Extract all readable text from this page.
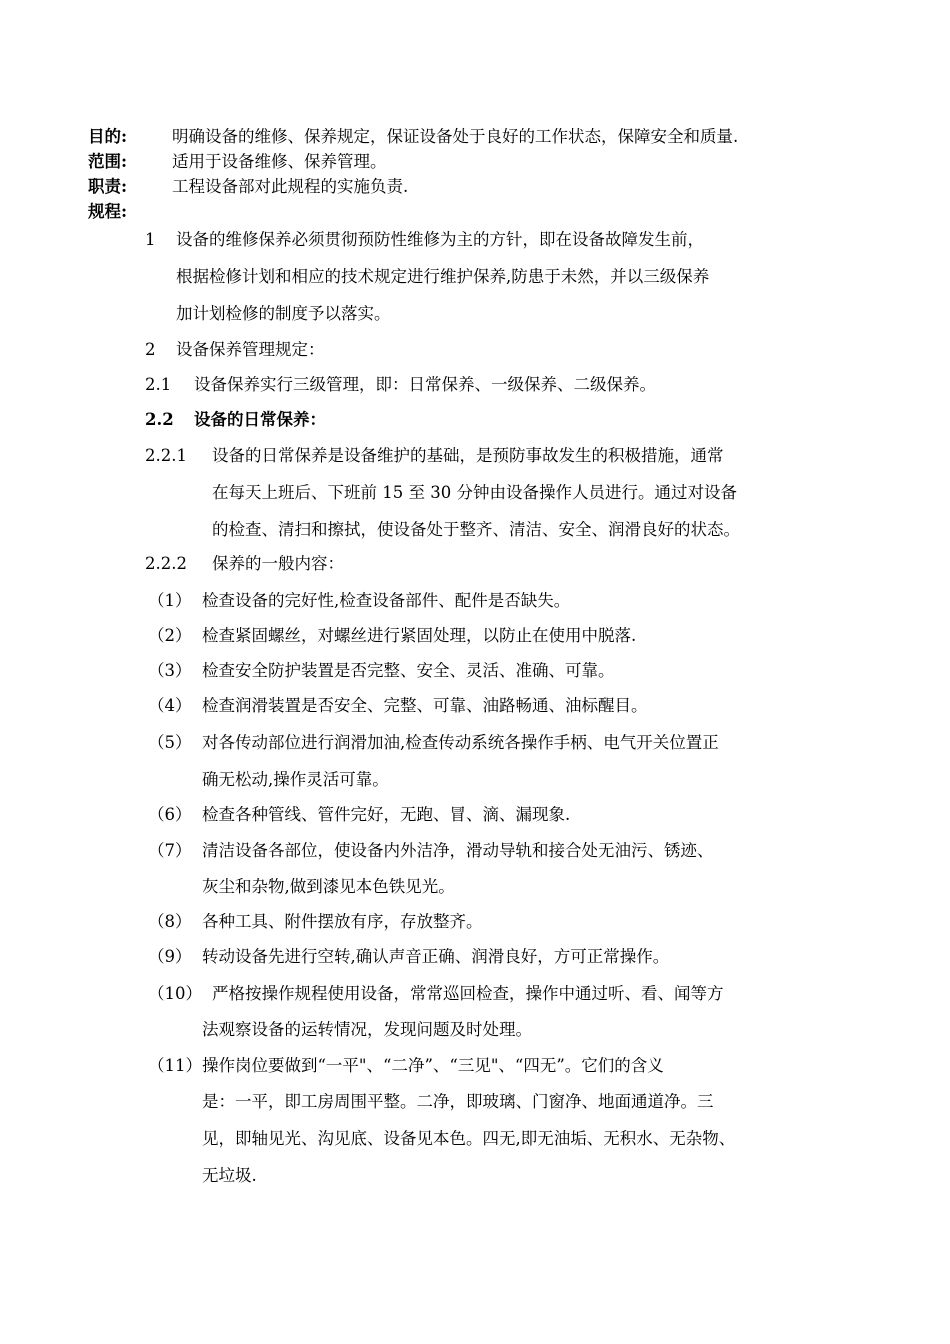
目的:	明确设备的维修、保养规定，保证设备处于良好的工作状态，保障安全和质量.
范围:	适用于设备维修、保养管理。
职责:	工程设备部对此规程的实施负责.
规程:
1 设备的维修保养必须贯彻预防性维修为主的方针，即在设备故障发生前，
根据检修计划和相应的技术规定进行维护保养,防患于未然，并以三级保养
加计划检修的制度予以落实。
2 设备保养管理规定：
2.1 设备保养实行三级管理，即：日常保养、一级保养、二级保养。
2.2 设备的日常保养：
2.2.1 设备的日常保养是设备维护的基础，是预防事故发生的积极措施，通常
在每天上班后、下班前 15 至 30 分钟由设备操作人员进行。通过对设备
的检查、清扫和擦拭，使设备处于整齐、清洁、安全、润滑良好的状态。
2.2.2 保养的一般内容：
（1） 检查设备的完好性,检查设备部件、配件是否缺失。
（2） 检查紧固螺丝，对螺丝进行紧固处理，以防止在使用中脱落.
（3） 检查安全防护装置是否完整、安全、灵活、准确、可靠。
（4） 检查润滑装置是否安全、完整、可靠、油路畅通、油标醒目。
（5） 对各传动部位进行润滑加油,检查传动系统各操作手柄、电气开关位置正
确无松动,操作灵活可靠。
（6） 检查各种管线、管件完好，无跑、冒、滴、漏现象.
（7） 清洁设备各部位，使设备内外洁净，滑动导轨和接合处无油污、锈迹、
灰尘和杂物,做到漆见本色铁见光。
（8） 各种工具、附件摆放有序，存放整齐。
（9） 转动设备先进行空转,确认声音正确、润滑良好，方可正常操作。
（10） 严格按操作规程使用设备，常常巡回检查，操作中通过听、看、闻等方
法观察设备的运转情况，发现问题及时处理。
（11） 操作岗位要做到“一平"、“二净”、“三见"、“四无”。它们的含义
是：一平，即工房周围平整。二净，即玻璃、门窗净、地面通道净。三
见，即轴见光、沟见底、设备见本色。四无,即无油垢、无积水、无杂物、
无垃圾.
